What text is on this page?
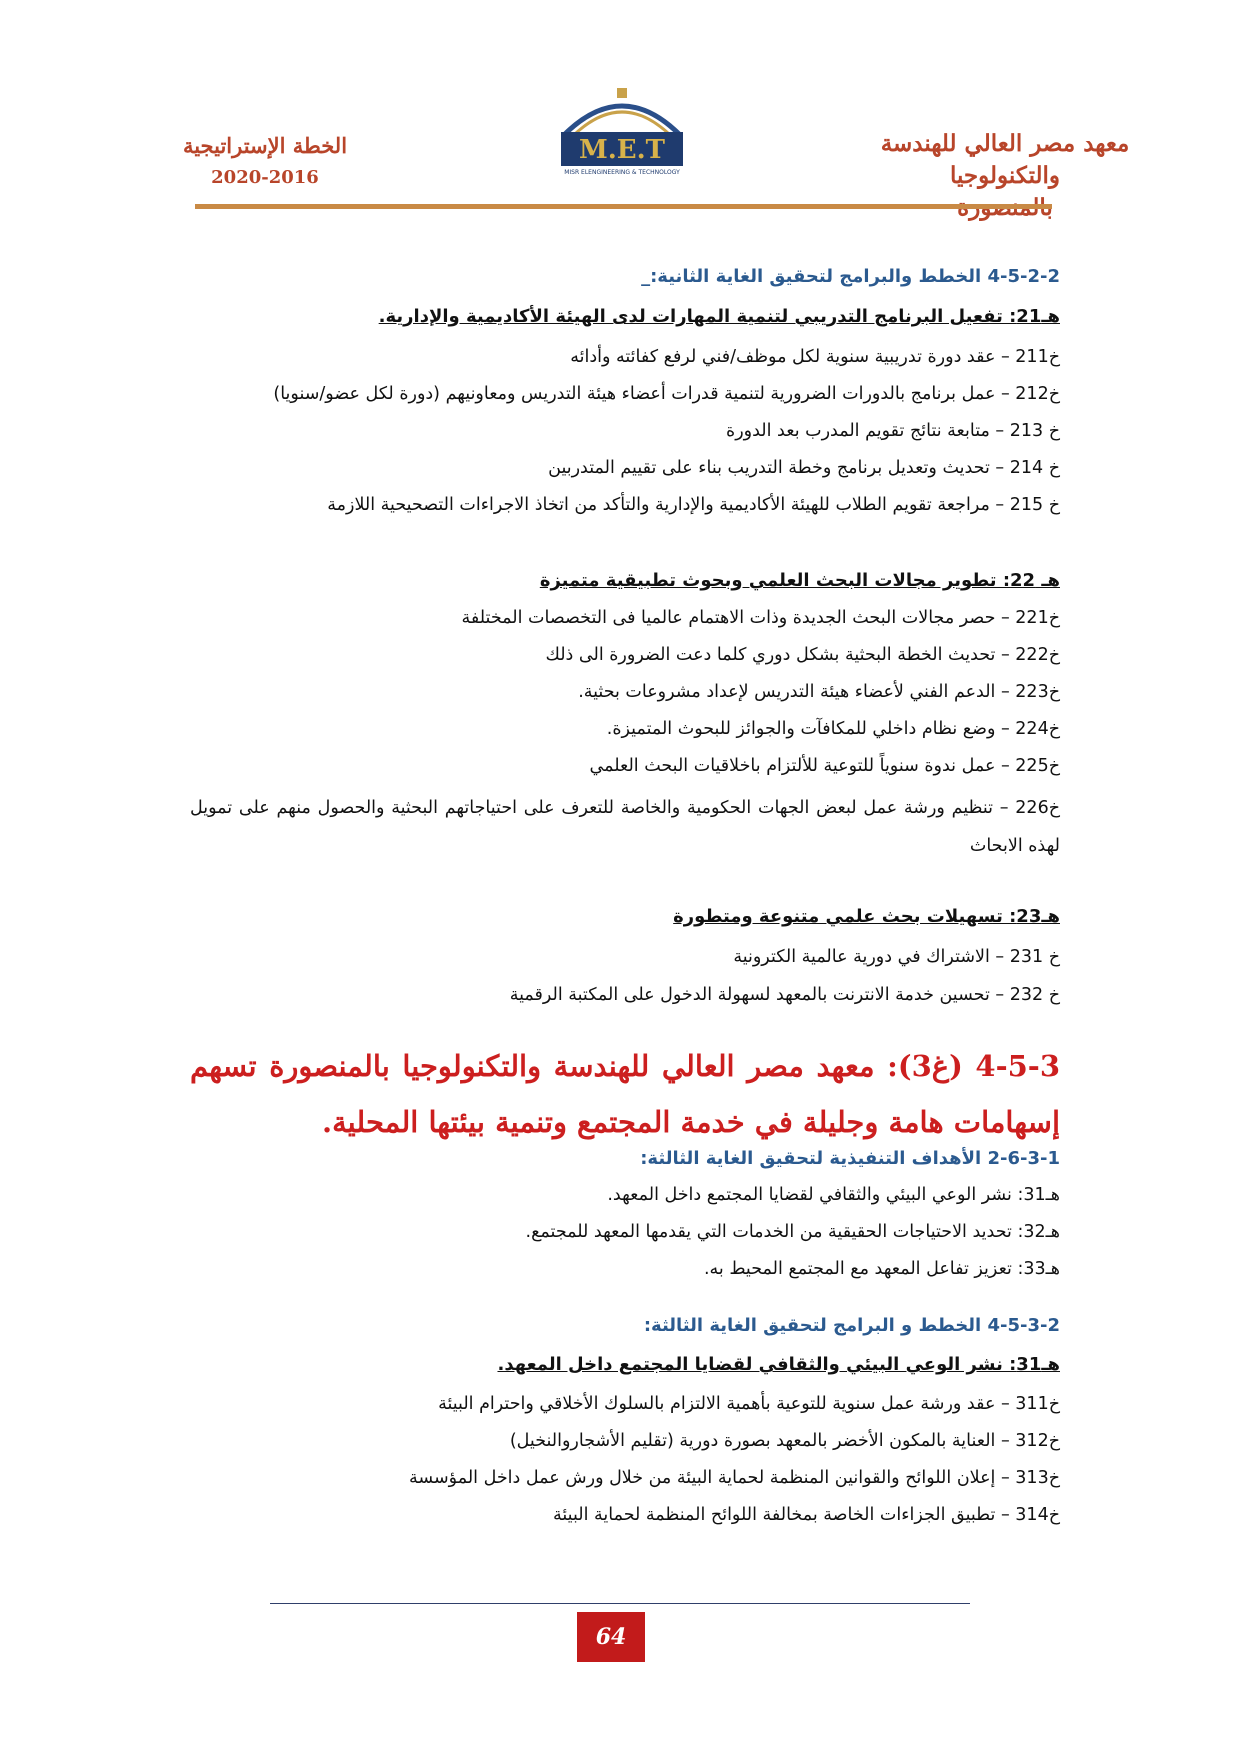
معهد مصر العالي للهندسة والتكنولوجيا
M.E.T
MISR ELENGINEERING & TECHNOLOGY
الخطة الإستراتيجية
2020-2016
4-5-2-2 الخطط والبرامج لتحقيق الغاية الثانية:_
هـ21: تفعيل البرنامج التدريبي لتنمية المهارات لدى الهيئة الأكاديمية والإدارية.
خ211 – عقد دورة تدريبية سنوية لكل موظف/فني لرفع كفائته وأدائه
خ212 – عمل برنامج بالدورات الضرورية لتنمية قدرات أعضاء هيئة التدريس ومعاونيهم (دورة لكل عضو/سنويا)
خ 213 – متابعة نتائج تقويم المدرب بعد الدورة
خ 214 – تحديث وتعديل برنامج وخطة التدريب بناء على تقييم المتدربين
خ 215 – مراجعة تقويم الطلاب للهيئة الأكاديمية والإدارية والتأكد من اتخاذ الاجراءات التصحيحية اللازمة
هـ 22: تطوير مجالات البحث العلمي وبحوث تطبيقية متميزة
خ221 – حصر مجالات البحث الجديدة وذات الاهتمام عالميا فى التخصصات المختلفة
خ222 – تحديث الخطة البحثية بشكل دوري كلما دعت الضرورة الى ذلك
خ223 – الدعم الفني لأعضاء هيئة التدريس لإعداد مشروعات بحثية.
خ224 – وضع نظام داخلي للمكافآت والجوائز للبحوث المتميزة.
خ225 – عمل ندوة سنوياً للتوعية للألتزام باخلاقيات البحث العلمي
خ226 – تنظيم ورشة عمل لبعض الجهات الحكومية والخاصة للتعرف على احتياجاتهم البحثية والحصول منهم على تمويل لهذه الابحاث
هـ23: تسهيلات بحث علمي متنوعة ومتطورة
خ 231 – الاشتراك في دورية عالمية الكترونية
خ 232 – تحسين خدمة الانترنت بالمعهد لسهولة الدخول على المكتبة الرقمية
4-5-3 (غ3): معهد مصر العالي للهندسة والتكنولوجيا بالمنصورة تسهم إسهامات هامة وجليلة في خدمة المجتمع وتنمية بيئتها المحلية.
2-6-3-1 الأهداف التنفيذية لتحقيق الغاية الثالثة:
هـ31: نشر الوعي البيئي والثقافي لقضايا المجتمع داخل المعهد.
هـ32: تحديد الاحتياجات الحقيقية من الخدمات التي يقدمها المعهد للمجتمع.
هـ33: تعزيز تفاعل المعهد مع المجتمع المحيط به.
4-5-3-2 الخطط و البرامج لتحقيق الغاية الثالثة:
هـ31: نشر الوعي البيئي والثقافي لقضايا المجتمع داخل المعهد.
خ311 – عقد ورشة عمل سنوية للتوعية بأهمية الالتزام بالسلوك الأخلاقي واحترام البيئة
خ312 – العناية بالمكون الأخضر بالمعهد بصورة دورية (تقليم الأشجاروالنخيل)
خ313 – إعلان اللوائح والقوانين المنظمة لحماية البيئة من خلال ورش عمل داخل المؤسسة
خ314 – تطبيق الجزاءات الخاصة بمخالفة اللوائح المنظمة لحماية البيئة
64
